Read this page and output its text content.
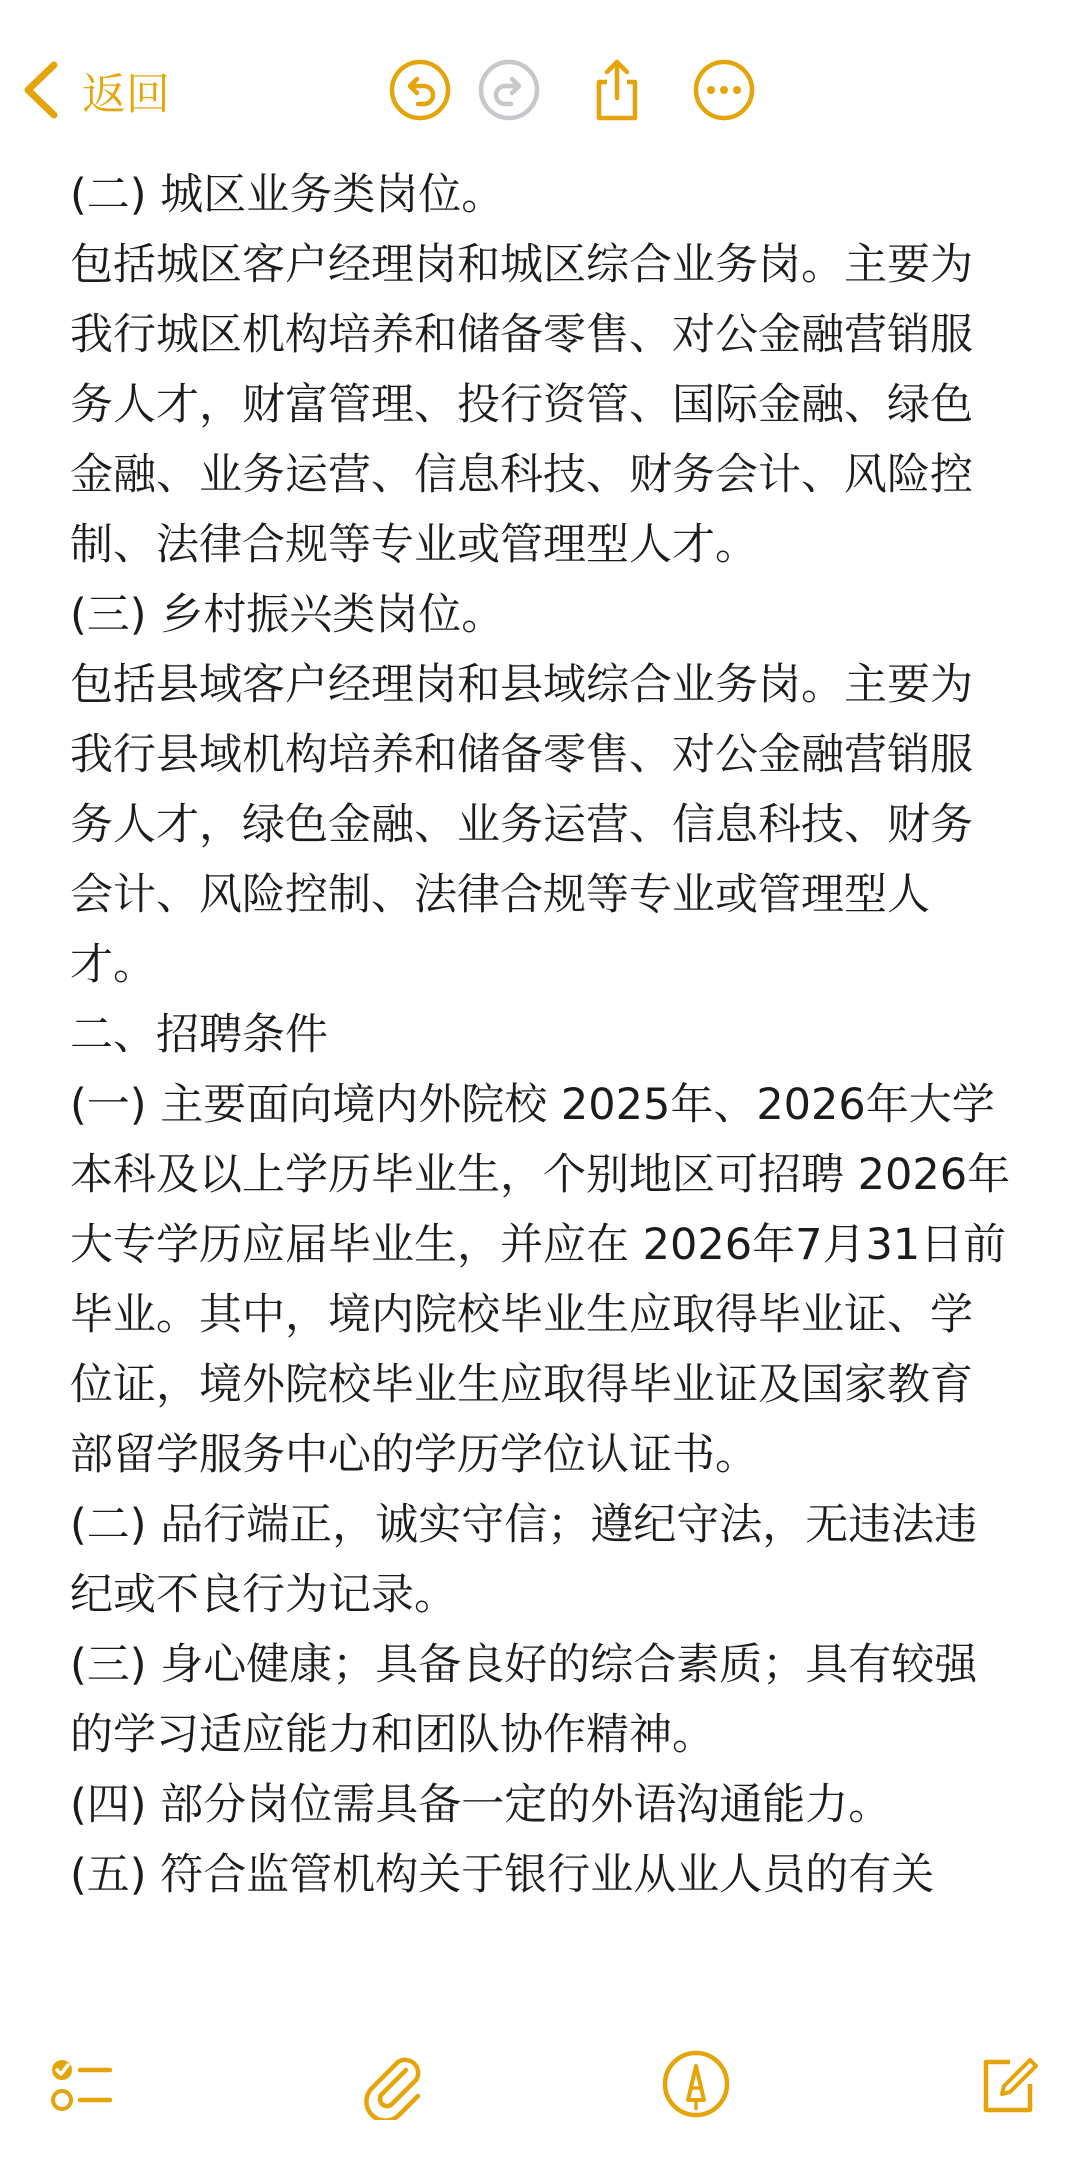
返回

(二) 城区业务类岗位。

包括城区客户经理岗和城区综合业务岗。主要为我行城区机构培养和储备零售、对公金融营销服务人才，财富管理、投行资管、国际金融、绿色金融、业务运营、信息科技、财务会计、风险控制、法律合规等专业或管理型人才。

(三) 乡村振兴类岗位。

包括县域客户经理岗和县域综合业务岗。主要为我行县域机构培养和储备零售、对公金融营销服务人才，绿色金融、业务运营、信息科技、财务会计、风险控制、法律合规等专业或管理型人才。

二、招聘条件

(一) 主要面向境内外院校 2025年、2026年大学本科及以上学历毕业生，个别地区可招聘 2026年大专学历应届毕业生，并应在 2026年7月31日前毕业。其中，境内院校毕业生应取得毕业证、学位证，境外院校毕业生应取得毕业证及国家教育部留学服务中心的学历学位认证书。

(二) 品行端正，诚实守信；遵纪守法，无违法违纪或不良行为记录。

(三) 身心健康；具备良好的综合素质；具有较强的学习适应能力和团队协作精神。

(四) 部分岗位需具备一定的外语沟通能力。

(五) 符合监管机构关于银行业从业人员的有关
